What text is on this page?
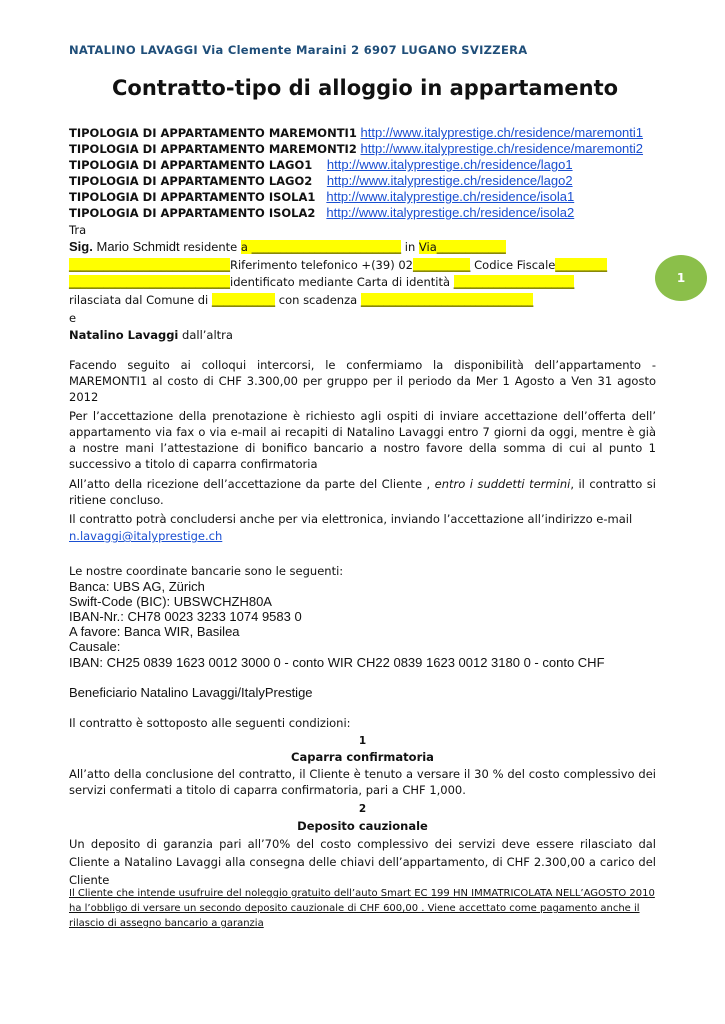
NATALINO LAVAGGI Via Clemente Maraini 2 6907 LUGANO SVIZZERA
Contratto-tipo di alloggio in appartamento
1
TIPOLOGIA DI APPARTAMENTO MAREMONTI1 http://www.italyprestige.ch/residence/maremonti1
TIPOLOGIA DI APPARTAMENTO MAREMONTI2 http://www.italyprestige.ch/residence/maremonti2
TIPOLOGIA DI APPARTAMENTO LAGO1 http://www.italyprestige.ch/residence/lago1
TIPOLOGIA DI APPARTAMENTO LAGO2 http://www.italyprestige.ch/residence/lago2
TIPOLOGIA DI APPARTAMENTO ISOLA1 http://www.italyprestige.ch/residence/isola1
TIPOLOGIA DI APPARTAMENTO ISOLA2 http://www.italyprestige.ch/residence/isola2
Tra
Sig. Mario Schmidt residente a __________________________ in Via____________
____________________________Riferimento telefonico +(39) 02__________ Codice Fiscale_________
____________________________identificato mediante Carta di identità _____________________
rilasciata dal Comune di ___________ con scadenza ______________________________
e
Natalino Lavaggi dall’altra
Facendo seguito ai colloqui intercorsi, le confermiamo la disponibilità dell’appartamento - MAREMONTI1 al costo di CHF 3.300,00 per gruppo per il periodo da Mer 1 Agosto a Ven 31 agosto 2012
Per l’accettazione della prenotazione è richiesto agli ospiti di inviare accettazione dell’offerta dell’ appartamento via fax o via e-mail ai recapiti di Natalino Lavaggi entro 7 giorni da oggi, mentre è già a nostre mani l’attestazione di bonifico bancario a nostro favore della somma di cui al punto 1 successivo a titolo di caparra confirmatoria
All’atto della ricezione dell’accettazione da parte del Cliente , entro i suddetti termini, il contratto si ritiene concluso.
Il contratto potrà concludersi anche per via elettronica, inviando l’accettazione all’indirizzo e-mail
n.lavaggi@italyprestige.ch
Le nostre coordinate bancarie sono le seguenti:
Banca: UBS AG, Zürich
Swift-Code (BIC): UBSWCHZH80A
IBAN-Nr.: CH78 0023 3233 1074 9583 0
A favore: Banca WIR, Basilea
Causale:
IBAN: CH25 0839 1623 0012 3000 0 - conto WIR CH22 0839 1623 0012 3180 0 - conto CHF
Beneficiario Natalino Lavaggi/ItalyPrestige
Il contratto è sottoposto alle seguenti condizioni:
1
Caparra confirmatoria
All’atto della conclusione del contratto, il Cliente è tenuto a versare il 30 % del costo complessivo dei servizi confermati a titolo di caparra confirmatoria, pari a CHF 1,000.
2
Deposito cauzionale
Un deposito di garanzia pari all’70% del costo complessivo dei servizi deve essere rilasciato dal Cliente a Natalino Lavaggi alla consegna delle chiavi dell’appartamento, di CHF 2.300,00 a carico del Cliente
Il Cliente che intende usufruire del noleggio gratuito dell’auto Smart EC 199 HN IMMATRICOLATA NELL’AGOSTO 2010 ha l’obbligo di versare un secondo deposito cauzionale di CHF 600,00 . Viene accettato come pagamento anche il rilascio di assegno bancario a garanzia
